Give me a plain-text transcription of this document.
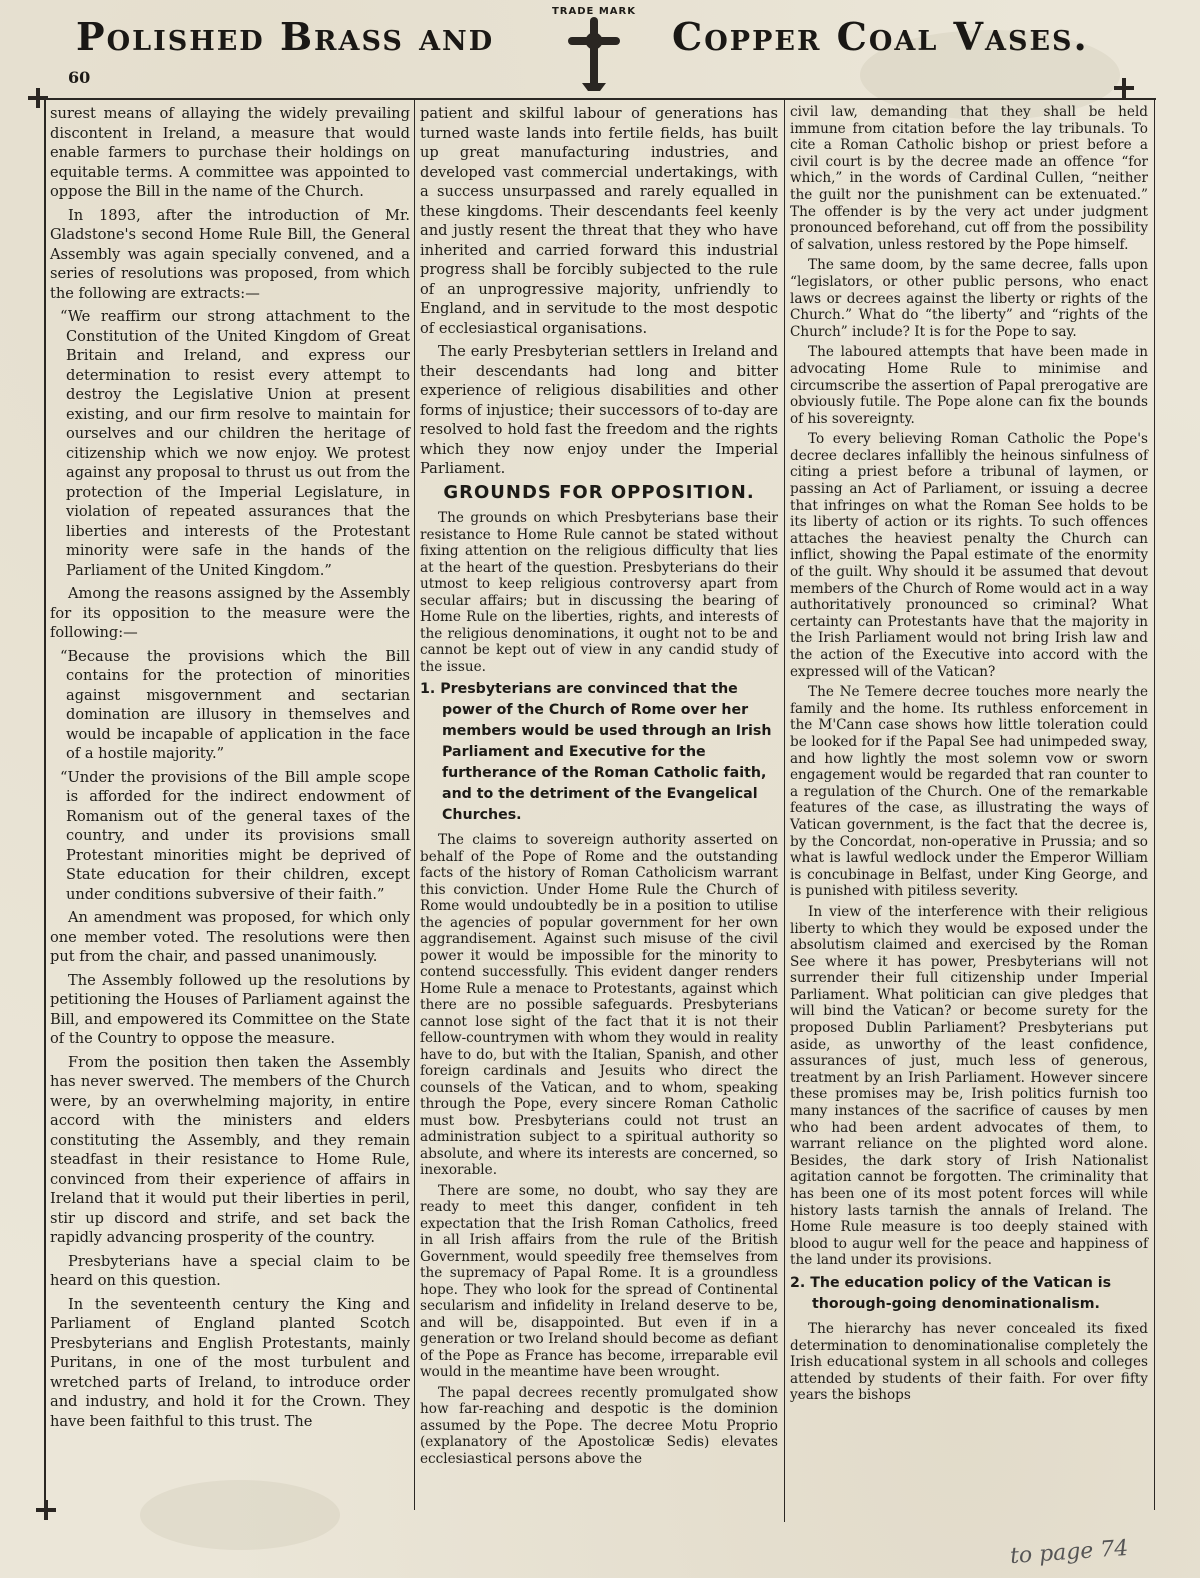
Polished Brass and
TRADE MARK
Copper Coal Vases.
60

surest means of allaying the widely prevailing discontent in Ireland, a measure that would enable farmers to purchase their holdings on equitable terms. A committee was appointed to oppose the Bill in the name of the Church.

In 1893, after the introduction of Mr. Gladstone's second Home Rule Bill, the General Assembly was again specially convened, and a series of resolutions was proposed, from which the following are extracts:—

“We reaffirm our strong attachment to the Constitution of the United Kingdom of Great Britain and Ireland, and express our determination to resist every attempt to destroy the Legislative Union at present existing, and our firm resolve to maintain for ourselves and our children the heritage of citizenship which we now enjoy. We protest against any proposal to thrust us out from the protection of the Imperial Legislature, in violation of repeated assurances that the liberties and interests of the Protestant minority were safe in the hands of the Parliament of the United Kingdom.”

Among the reasons assigned by the Assembly for its opposition to the measure were the following:—

“Because the provisions which the Bill contains for the protection of minorities against misgovernment and sectarian domination are illusory in themselves and would be incapable of application in the face of a hostile majority.”

“Under the provisions of the Bill ample scope is afforded for the indirect endowment of Romanism out of the general taxes of the country, and under its provisions small Protestant minorities might be deprived of State education for their children, except under conditions subversive of their faith.”

An amendment was proposed, for which only one member voted. The resolutions were then put from the chair, and passed unanimously.

The Assembly followed up the resolutions by petitioning the Houses of Parliament against the Bill, and empowered its Committee on the State of the Country to oppose the measure.

From the position then taken the Assembly has never swerved. The members of the Church were, by an overwhelming majority, in entire accord with the ministers and elders constituting the Assembly, and they remain steadfast in their resistance to Home Rule, convinced from their experience of affairs in Ireland that it would put their liberties in peril, stir up discord and strife, and set back the rapidly advancing prosperity of the country.

Presbyterians have a special claim to be heard on this question.

In the seventeenth century the King and Parliament of England planted Scotch Presbyterians and English Protestants, mainly Puritans, in one of the most turbulent and wretched parts of Ireland, to introduce order and industry, and hold it for the Crown. They have been faithful to this trust. The

patient and skilful labour of generations has turned waste lands into fertile fields, has built up great manufacturing industries, and developed vast commercial undertakings, with a success unsurpassed and rarely equalled in these kingdoms. Their descendants feel keenly and justly resent the threat that they who have inherited and carried forward this industrial progress shall be forcibly subjected to the rule of an unprogressive majority, unfriendly to England, and in servitude to the most despotic of ecclesiastical organisations.

The early Presbyterian settlers in Ireland and their descendants had long and bitter experience of religious disabilities and other forms of injustice; their successors of to-day are resolved to hold fast the freedom and the rights which they now enjoy under the Imperial Parliament.

GROUNDS FOR OPPOSITION.

The grounds on which Presbyterians base their resistance to Home Rule cannot be stated without fixing attention on the religious difficulty that lies at the heart of the question. Presbyterians do their utmost to keep religious controversy apart from secular affairs; but in discussing the bearing of Home Rule on the liberties, rights, and interests of the religious denominations, it ought not to be and cannot be kept out of view in any candid study of the issue.

1. Presbyterians are convinced that the power of the Church of Rome over her members would be used through an Irish Parliament and Executive for the furtherance of the Roman Catholic faith, and to the detriment of the Evangelical Churches.

The claims to sovereign authority asserted on behalf of the Pope of Rome and the outstanding facts of the history of Roman Catholicism warrant this conviction. Under Home Rule the Church of Rome would undoubtedly be in a position to utilise the agencies of popular government for her own aggrandisement. Against such misuse of the civil power it would be impossible for the minority to contend successfully. This evident danger renders Home Rule a menace to Protestants, against which there are no possible safeguards. Presbyterians cannot lose sight of the fact that it is not their fellow-countrymen with whom they would in reality have to do, but with the Italian, Spanish, and other foreign cardinals and Jesuits who direct the counsels of the Vatican, and to whom, speaking through the Pope, every sincere Roman Catholic must bow. Presbyterians could not trust an administration subject to a spiritual authority so absolute, and where its interests are concerned, so inexorable.

There are some, no doubt, who say they are ready to meet this danger, confident in teh expectation that the Irish Roman Catholics, freed in all Irish affairs from the rule of the British Government, would speedily free themselves from the supremacy of Papal Rome. It is a groundless hope. They who look for the spread of Continental secularism and infidelity in Ireland deserve to be, and will be, disappointed. But even if in a generation or two Ireland should become as defiant of the Pope as France has become, irreparable evil would in the meantime have been wrought.

The papal decrees recently promulgated show how far-reaching and despotic is the dominion assumed by the Pope. The decree Motu Proprio (explanatory of the Apostolicæ Sedis) elevates ecclesiastical persons above the

civil law, demanding that they shall be held immune from citation before the lay tribunals. To cite a Roman Catholic bishop or priest before a civil court is by the decree made an offence “for which,” in the words of Cardinal Cullen, “neither the guilt nor the punishment can be extenuated.” The offender is by the very act under judgment pronounced beforehand, cut off from the possibility of salvation, unless restored by the Pope himself.

The same doom, by the same decree, falls upon “legislators, or other public persons, who enact laws or decrees against the liberty or rights of the Church.” What do “the liberty” and “rights of the Church” include? It is for the Pope to say.

The laboured attempts that have been made in advocating Home Rule to minimise and circumscribe the assertion of Papal prerogative are obviously futile. The Pope alone can fix the bounds of his sovereignty.

To every believing Roman Catholic the Pope's decree declares infallibly the heinous sinfulness of citing a priest before a tribunal of laymen, or passing an Act of Parliament, or issuing a decree that infringes on what the Roman See holds to be its liberty of action or its rights. To such offences attaches the heaviest penalty the Church can inflict, showing the Papal estimate of the enormity of the guilt. Why should it be assumed that devout members of the Church of Rome would act in a way authoritatively pronounced so criminal? What certainty can Protestants have that the majority in the Irish Parliament would not bring Irish law and the action of the Executive into accord with the expressed will of the Vatican?

The Ne Temere decree touches more nearly the family and the home. Its ruthless enforcement in the M'Cann case shows how little toleration could be looked for if the Papal See had unimpeded sway, and how lightly the most solemn vow or sworn engagement would be regarded that ran counter to a regulation of the Church. One of the remarkable features of the case, as illustrating the ways of Vatican government, is the fact that the decree is, by the Concordat, non-operative in Prussia; and so what is lawful wedlock under the Emperor William is concubinage in Belfast, under King George, and is punished with pitiless severity.

In view of the interference with their religious liberty to which they would be exposed under the absolutism claimed and exercised by the Roman See where it has power, Presbyterians will not surrender their full citizenship under Imperial Parliament. What politician can give pledges that will bind the Vatican? or become surety for the proposed Dublin Parliament? Presbyterians put aside, as unworthy of the least confidence, assurances of just, much less of generous, treatment by an Irish Parliament. However sincere these promises may be, Irish politics furnish too many instances of the sacrifice of causes by men who had been ardent advocates of them, to warrant reliance on the plighted word alone. Besides, the dark story of Irish Nationalist agitation cannot be forgotten. The criminality that has been one of its most potent forces will while history lasts tarnish the annals of Ireland. The Home Rule measure is too deeply stained with blood to augur well for the peace and happiness of the land under its provisions.

2. The education policy of the Vatican is thorough-going denominationalism.

The hierarchy has never concealed its fixed determination to denominationalise completely the Irish educational system in all schools and colleges attended by students of their faith. For over fifty years the bishops

to page 74
